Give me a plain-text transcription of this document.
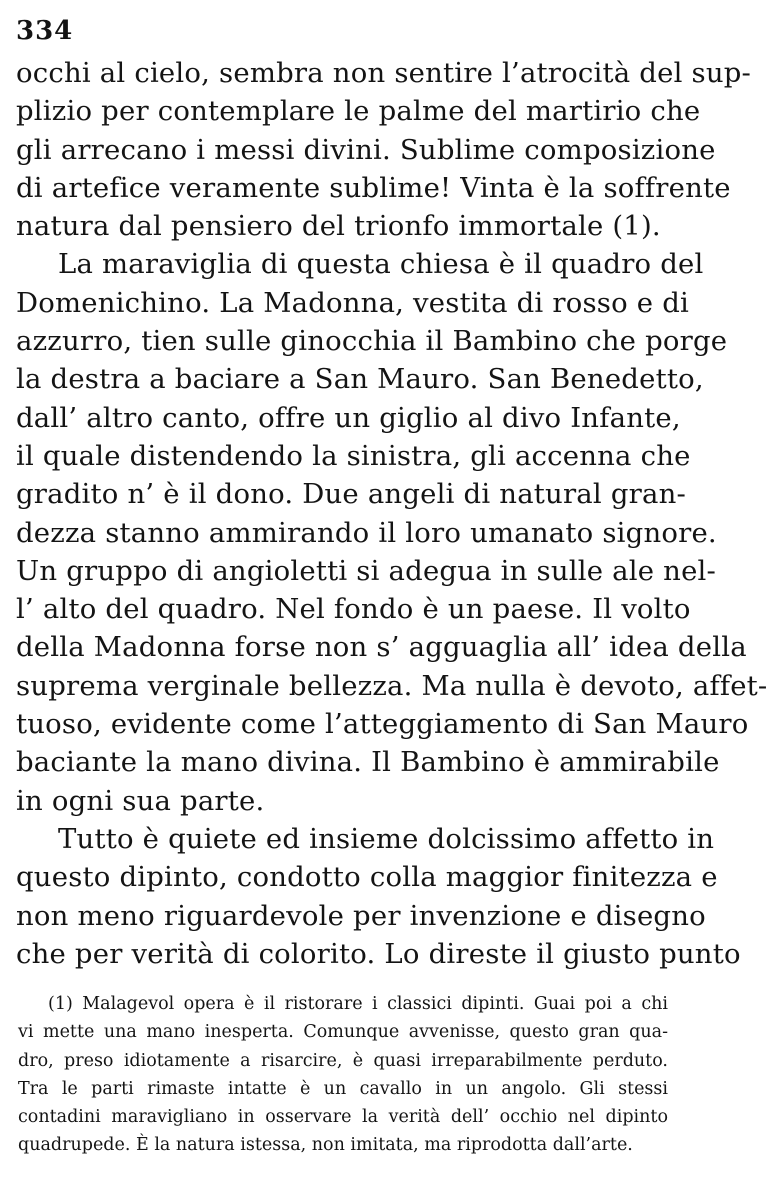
334
occhi al cielo, sembra non sentire l’atrocità del sup-
plizio per contemplare le palme del martirio che
gli arrecano i messi divini. Sublime composizione
di artefice veramente sublime! Vinta è la soffrente
natura dal pensiero del trionfo immortale (1).
La maraviglia di questa chiesa è il quadro del
Domenichino. La Madonna, vestita di rosso e di
azzurro, tien sulle ginocchia il Bambino che porge
la destra a baciare a San Mauro. San Benedetto,
dall’ altro canto, offre un giglio al divo Infante,
il quale distendendo la sinistra, gli accenna che
gradito n’ è il dono. Due angeli di natural gran-
dezza stanno ammirando il loro umanato signore.
Un gruppo di angioletti si adegua in sulle ale nel-
l’ alto del quadro. Nel fondo è un paese. Il volto
della Madonna forse non s’ agguaglia all’ idea della
suprema verginale bellezza. Ma nulla è devoto, affet-
tuoso, evidente come l’atteggiamento di San Mauro
baciante la mano divina. Il Bambino è ammirabile
in ogni sua parte.
Tutto è quiete ed insieme dolcissimo affetto in
questo dipinto, condotto colla maggior finitezza e
non meno riguardevole per invenzione e disegno
che per verità di colorito. Lo direste il giusto punto
(1) Malagevol opera è il ristorare i classici dipinti. Guai poi a chi
vi mette una mano inesperta. Comunque avvenisse, questo gran qua-
dro, preso idiotamente a risarcire, è quasi irreparabilmente perduto.
Tra le parti rimaste intatte è un cavallo in un angolo. Gli stessi
contadini maravigliano in osservare la verità dell’ occhio nel dipinto
quadrupede. È la natura istessa, non imitata, ma riprodotta dall’arte.
